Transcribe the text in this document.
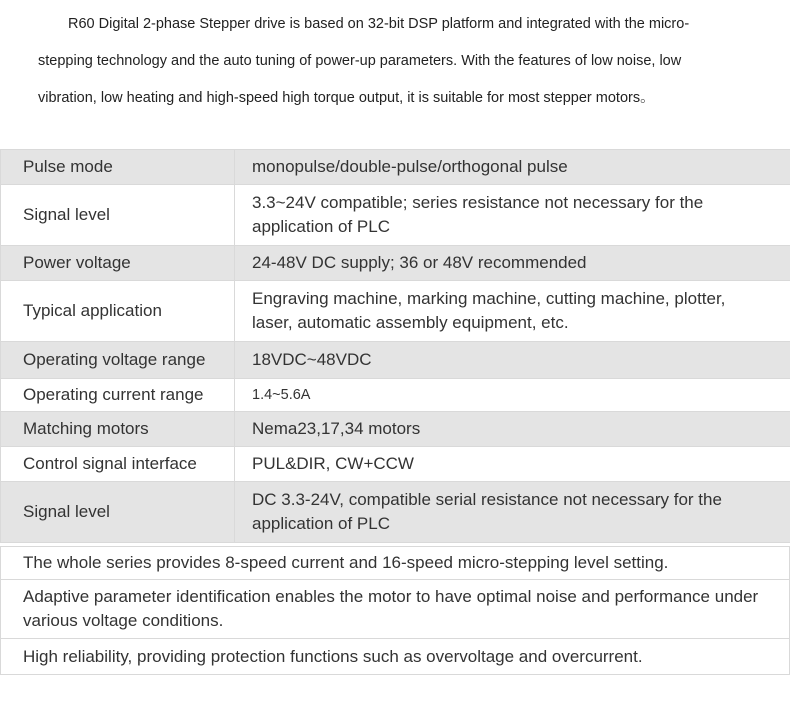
R60 Digital 2-phase Stepper drive is based on 32-bit DSP platform and integrated with the micro-

stepping technology and the auto tuning of power-up parameters. With the features of low noise, low

vibration, low heating and high-speed high torque output, it is suitable for most stepper motors。

Pulse mode	monopulse/double-pulse/orthogonal pulse
Signal level	3.3~24V compatible; series resistance not necessary for the application of PLC
Power voltage	24-48V DC supply; 36 or 48V recommended
Typical application	Engraving machine, marking machine, cutting machine, plotter, laser, automatic assembly equipment, etc.
Operating voltage range	18VDC~48VDC
Operating current range	1.4~5.6A
Matching motors	Nema23,17,34 motors
Control signal interface	PUL&DIR, CW+CCW
Signal level	DC 3.3-24V, compatible serial resistance not necessary for the application of PLC
The whole series provides 8-speed current and 16-speed micro-stepping level setting.
Adaptive parameter identification enables the motor to have optimal noise and performance under various voltage conditions.
High reliability, providing protection functions such as overvoltage and overcurrent.
